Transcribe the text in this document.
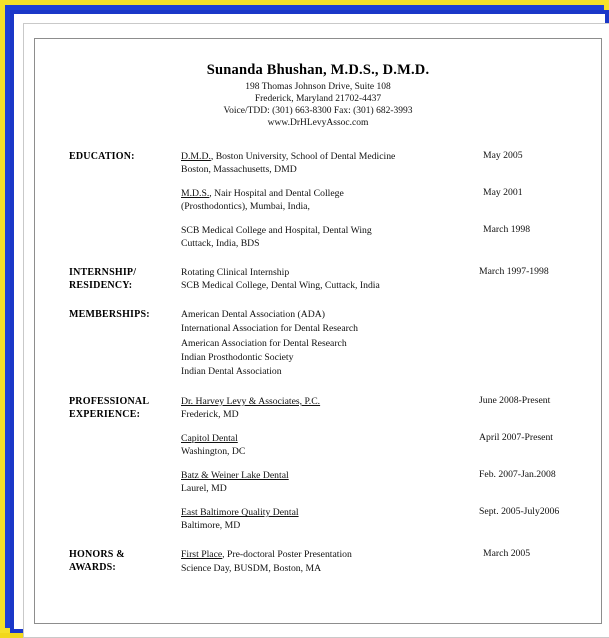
Sunanda Bhushan, M.D.S., D.M.D.
198 Thomas Johnson Drive, Suite 108
Frederick, Maryland 21702-4437
Voice/TDD: (301) 663-8300 Fax: (301) 682-3993
www.DrHLevyAssoc.com
EDUCATION:	D.M.D., Boston University, School of Dental Medicine
Boston, Massachusetts, DMD
May 2005
M.D.S., Nair Hospital and Dental College
(Prosthodontics), Mumbai, India,
May 2001
SCB Medical College and Hospital, Dental Wing
Cuttack, India, BDS
March 1998
INTERNSHIP/
RESIDENCY:
Rotating Clinical Internship
SCB Medical College, Dental Wing, Cuttack, India
March 1997-1998
MEMBERSHIPS:	American Dental Association (ADA)
International Association for Dental Research
American Association for Dental Research
Indian Prosthodontic Society
Indian Dental Association
PROFESSIONAL
EXPERIENCE:
Dr. Harvey Levy & Associates, P.C.
Frederick, MD
June 2008-Present
Capitol Dental
Washington, DC
April 2007-Present
Batz & Weiner Lake Dental
Laurel, MD
Feb. 2007-Jan.2008
East Baltimore Quality Dental
Baltimore, MD
Sept. 2005-July2006
HONORS &
AWARDS:
First Place, Pre-doctoral Poster Presentation
Science Day, BUSDM, Boston, MA
March 2005
